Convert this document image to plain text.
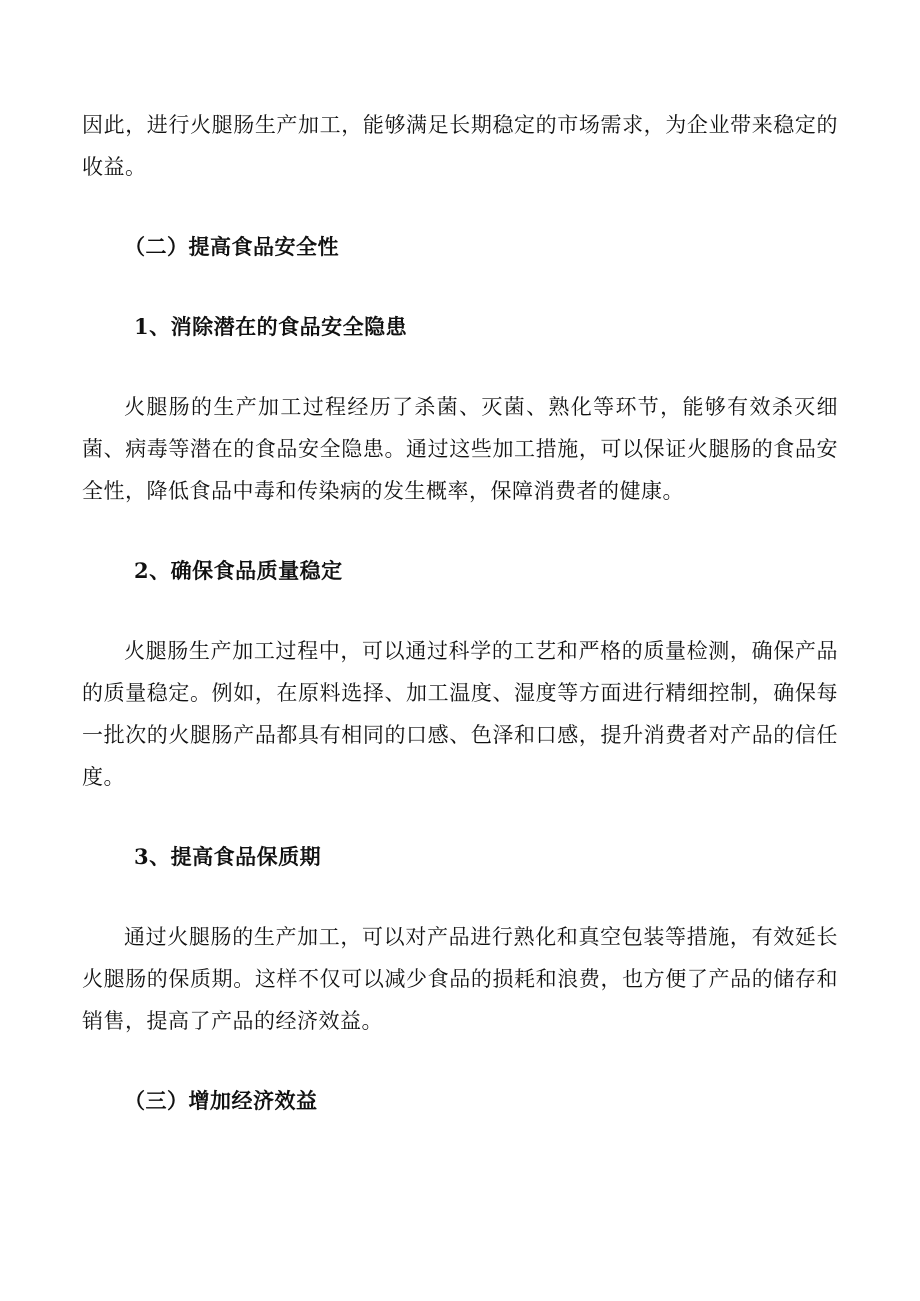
因此，进行火腿肠生产加工，能够满足长期稳定的市场需求，为企业带来稳定的收益。

（二）提高食品安全性
1、消除潜在的食品安全隐患

火腿肠的生产加工过程经历了杀菌、灭菌、熟化等环节，能够有效杀灭细菌、病毒等潜在的食品安全隐患。通过这些加工措施，可以保证火腿肠的食品安全性，降低食品中毒和传染病的发生概率，保障消费者的健康。

2、确保食品质量稳定

火腿肠生产加工过程中，可以通过科学的工艺和严格的质量检测，确保产品的质量稳定。例如，在原料选择、加工温度、湿度等方面进行精细控制，确保每一批次的火腿肠产品都具有相同的口感、色泽和口感，提升消费者对产品的信任度。

3、提高食品保质期

通过火腿肠的生产加工，可以对产品进行熟化和真空包装等措施，有效延长火腿肠的保质期。这样不仅可以减少食品的损耗和浪费，也方便了产品的储存和销售，提高了产品的经济效益。

（三）增加经济效益
